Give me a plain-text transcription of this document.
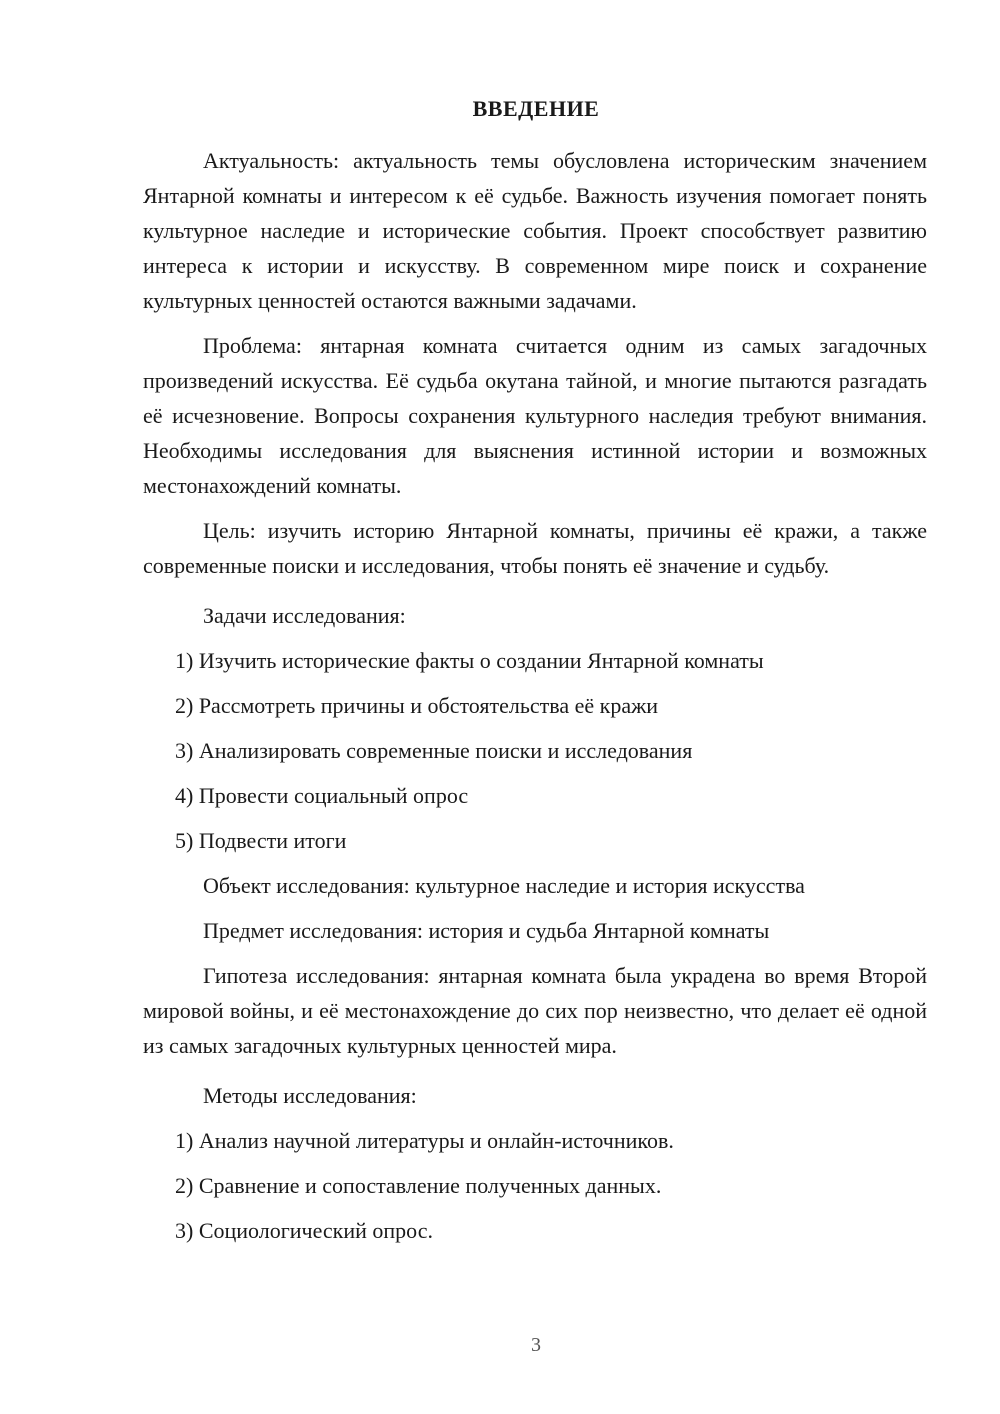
ВВЕДЕНИЕ

Актуальность: актуальность темы обусловлена историческим значением Янтарной комнаты и интересом к её судьбе. Важность изучения помогает понять культурное наследие и исторические события. Проект способствует развитию интереса к истории и искусству. В современном мире поиск и сохранение культурных ценностей остаются важными задачами.

Проблема: янтарная комната считается одним из самых загадочных произведений искусства. Её судьба окутана тайной, и многие пытаются разгадать её исчезновение. Вопросы сохранения культурного наследия требуют внимания. Необходимы исследования для выяснения истинной истории и возможных местонахождений комнаты.

Цель: изучить историю Янтарной комнаты, причины её кражи, а также современные поиски и исследования, чтобы понять её значение и судьбу.

Задачи исследования:

1) Изучить исторические факты о создании Янтарной комнаты

2) Рассмотреть причины и обстоятельства её кражи

3) Анализировать современные поиски и исследования

4) Провести социальный опрос

5) Подвести итоги

Объект исследования: культурное наследие и история искусства

Предмет исследования: история и судьба Янтарной комнаты

Гипотеза исследования: янтарная комната была украдена во время Второй мировой войны, и её местонахождение до сих пор неизвестно, что делает её одной из самых загадочных культурных ценностей мира.

Методы исследования:

1) Анализ научной литературы и онлайн-источников.

2) Сравнение и сопоставление полученных данных.

3) Социологический опрос.

3
